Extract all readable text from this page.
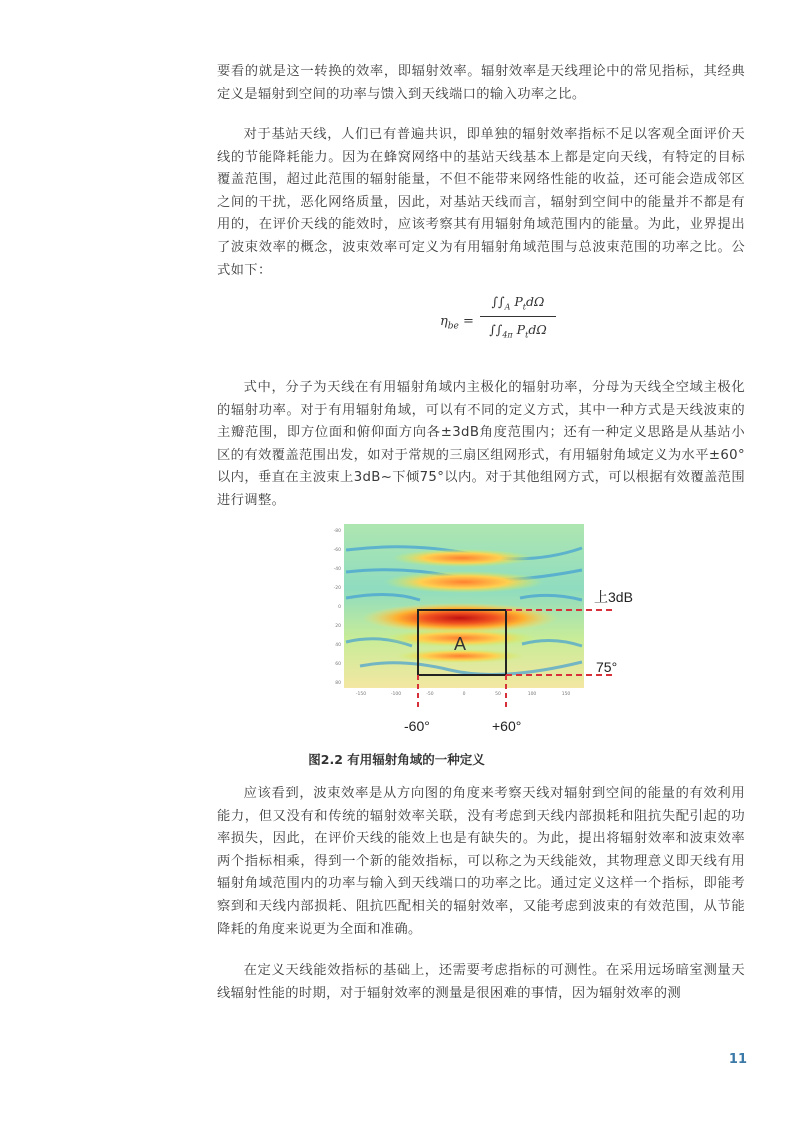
要看的就是这一转换的效率，即辐射效率。辐射效率是天线理论中的常见指标，其经典定义是辐射到空间的功率与馈入到天线端口的输入功率之比。

对于基站天线，人们已有普遍共识，即单独的辐射效率指标不足以客观全面评价天线的节能降耗能力。因为在蜂窝网络中的基站天线基本上都是定向天线，有特定的目标覆盖范围，超过此范围的辐射能量，不但不能带来网络性能的收益，还可能会造成邻区之间的干扰，恶化网络质量，因此，对基站天线而言，辐射到空间中的能量并不都是有用的，在评价天线的能效时，应该考察其有用辐射角域范围内的能量。为此，业界提出了波束效率的概念，波束效率可定义为有用辐射角域范围与总波束范围的功率之比。公式如下：

$\eta_{be}$ =
$\int\int_A$ $P_td\Omega$
$\int\int_{4\pi}$ $P_td\Omega$

式中，分子为天线在有用辐射角域内主极化的辐射功率，分母为天线全空域主极化的辐射功率。对于有用辐射角域，可以有不同的定义方式，其中一种方式是天线波束的主瓣范围，即方位面和俯仰面方向各±3dB角度范围内；还有一种定义思路是从基站小区的有效覆盖范围出发，如对于常规的三扇区组网形式，有用辐射角域定义为水平±60°以内，垂直在主波束上3dB~下倾75°以内。对于其他组网方式，可以根据有效覆盖范围进行调整。

A
上3dB
75°
-60°	+60°
-80
-60
-40
-20
0
20
40
60
80
-150	-100	-50	0	50	100	150
图2.2 有用辐射角域的一种定义

应该看到，波束效率是从方向图的角度来考察天线对辐射到空间的能量的有效利用能力，但又没有和传统的辐射效率关联，没有考虑到天线内部损耗和阻抗失配引起的功率损失，因此，在评价天线的能效上也是有缺失的。为此，提出将辐射效率和波束效率两个指标相乘，得到一个新的能效指标，可以称之为天线能效，其物理意义即天线有用辐射角域范围内的功率与输入到天线端口的功率之比。通过定义这样一个指标，即能考察到和天线内部损耗、阻抗匹配相关的辐射效率，又能考虑到波束的有效范围，从节能降耗的角度来说更为全面和准确。

在定义天线能效指标的基础上，还需要考虑指标的可测性。在采用远场暗室测量天线辐射性能的时期，对于辐射效率的测量是很困难的事情，因为辐射效率的测

11
